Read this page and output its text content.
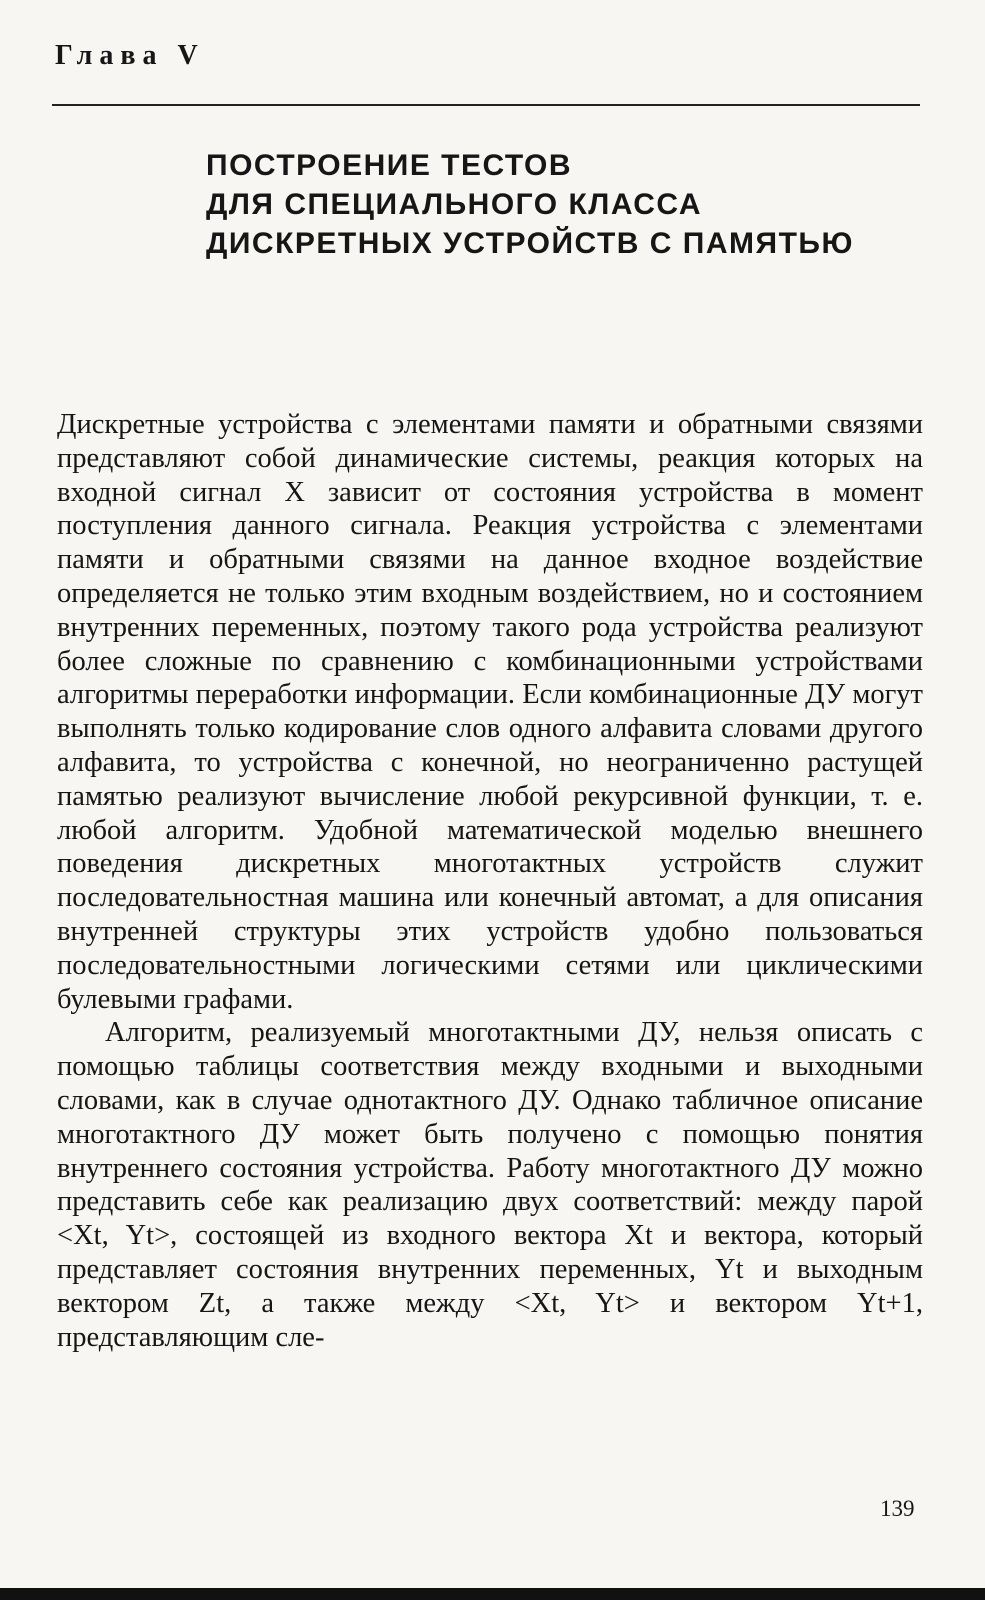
Глава V
ПОСТРОЕНИЕ ТЕСТОВ
ДЛЯ СПЕЦИАЛЬНОГО КЛАССА
ДИСКРЕТНЫХ УСТРОЙСТВ С ПАМЯТЬЮ

Дискретные устройства с элементами памяти и обратными связями представляют собой динамические системы, реакция которых на входной сигнал X зависит от состояния устройства в момент поступления данного сигнала. Реакция устройства с элементами памяти и обратными связями на данное входное воздействие определяется не только этим входным воздействием, но и состоянием внутренних переменных, поэтому такого рода устройства реализуют более сложные по сравнению с комбинационными устройствами алгоритмы переработки информации. Если комбинационные ДУ могут выполнять только кодирование слов одного алфавита словами другого алфавита, то устройства с конечной, но неограниченно растущей памятью реализуют вычисление любой рекурсивной функции, т. е. любой алгоритм. Удобной математической моделью внешнего поведения дискретных многотактных устройств служит последовательностная машина или конечный автомат, а для описания внутренней структуры этих устройств удобно пользоваться последовательностными логическими сетями или циклическими булевыми графами.

Алгоритм, реализуемый многотактными ДУ, нельзя описать с помощью таблицы соответствия между входными и выходными словами, как в случае однотактного ДУ. Однако табличное описание многотактного ДУ может быть получено с помощью понятия внутреннего состояния устройства. Работу многотактного ДУ можно представить себе как реализацию двух соответствий: между парой <Xt, Yt>, состоящей из входного вектора Xt и вектора, который представляет состояния внутренних переменных, Yt и выходным вектором Zt, а также между <Xt, Yt> и вектором Yt+1, представляющим сле-

139
